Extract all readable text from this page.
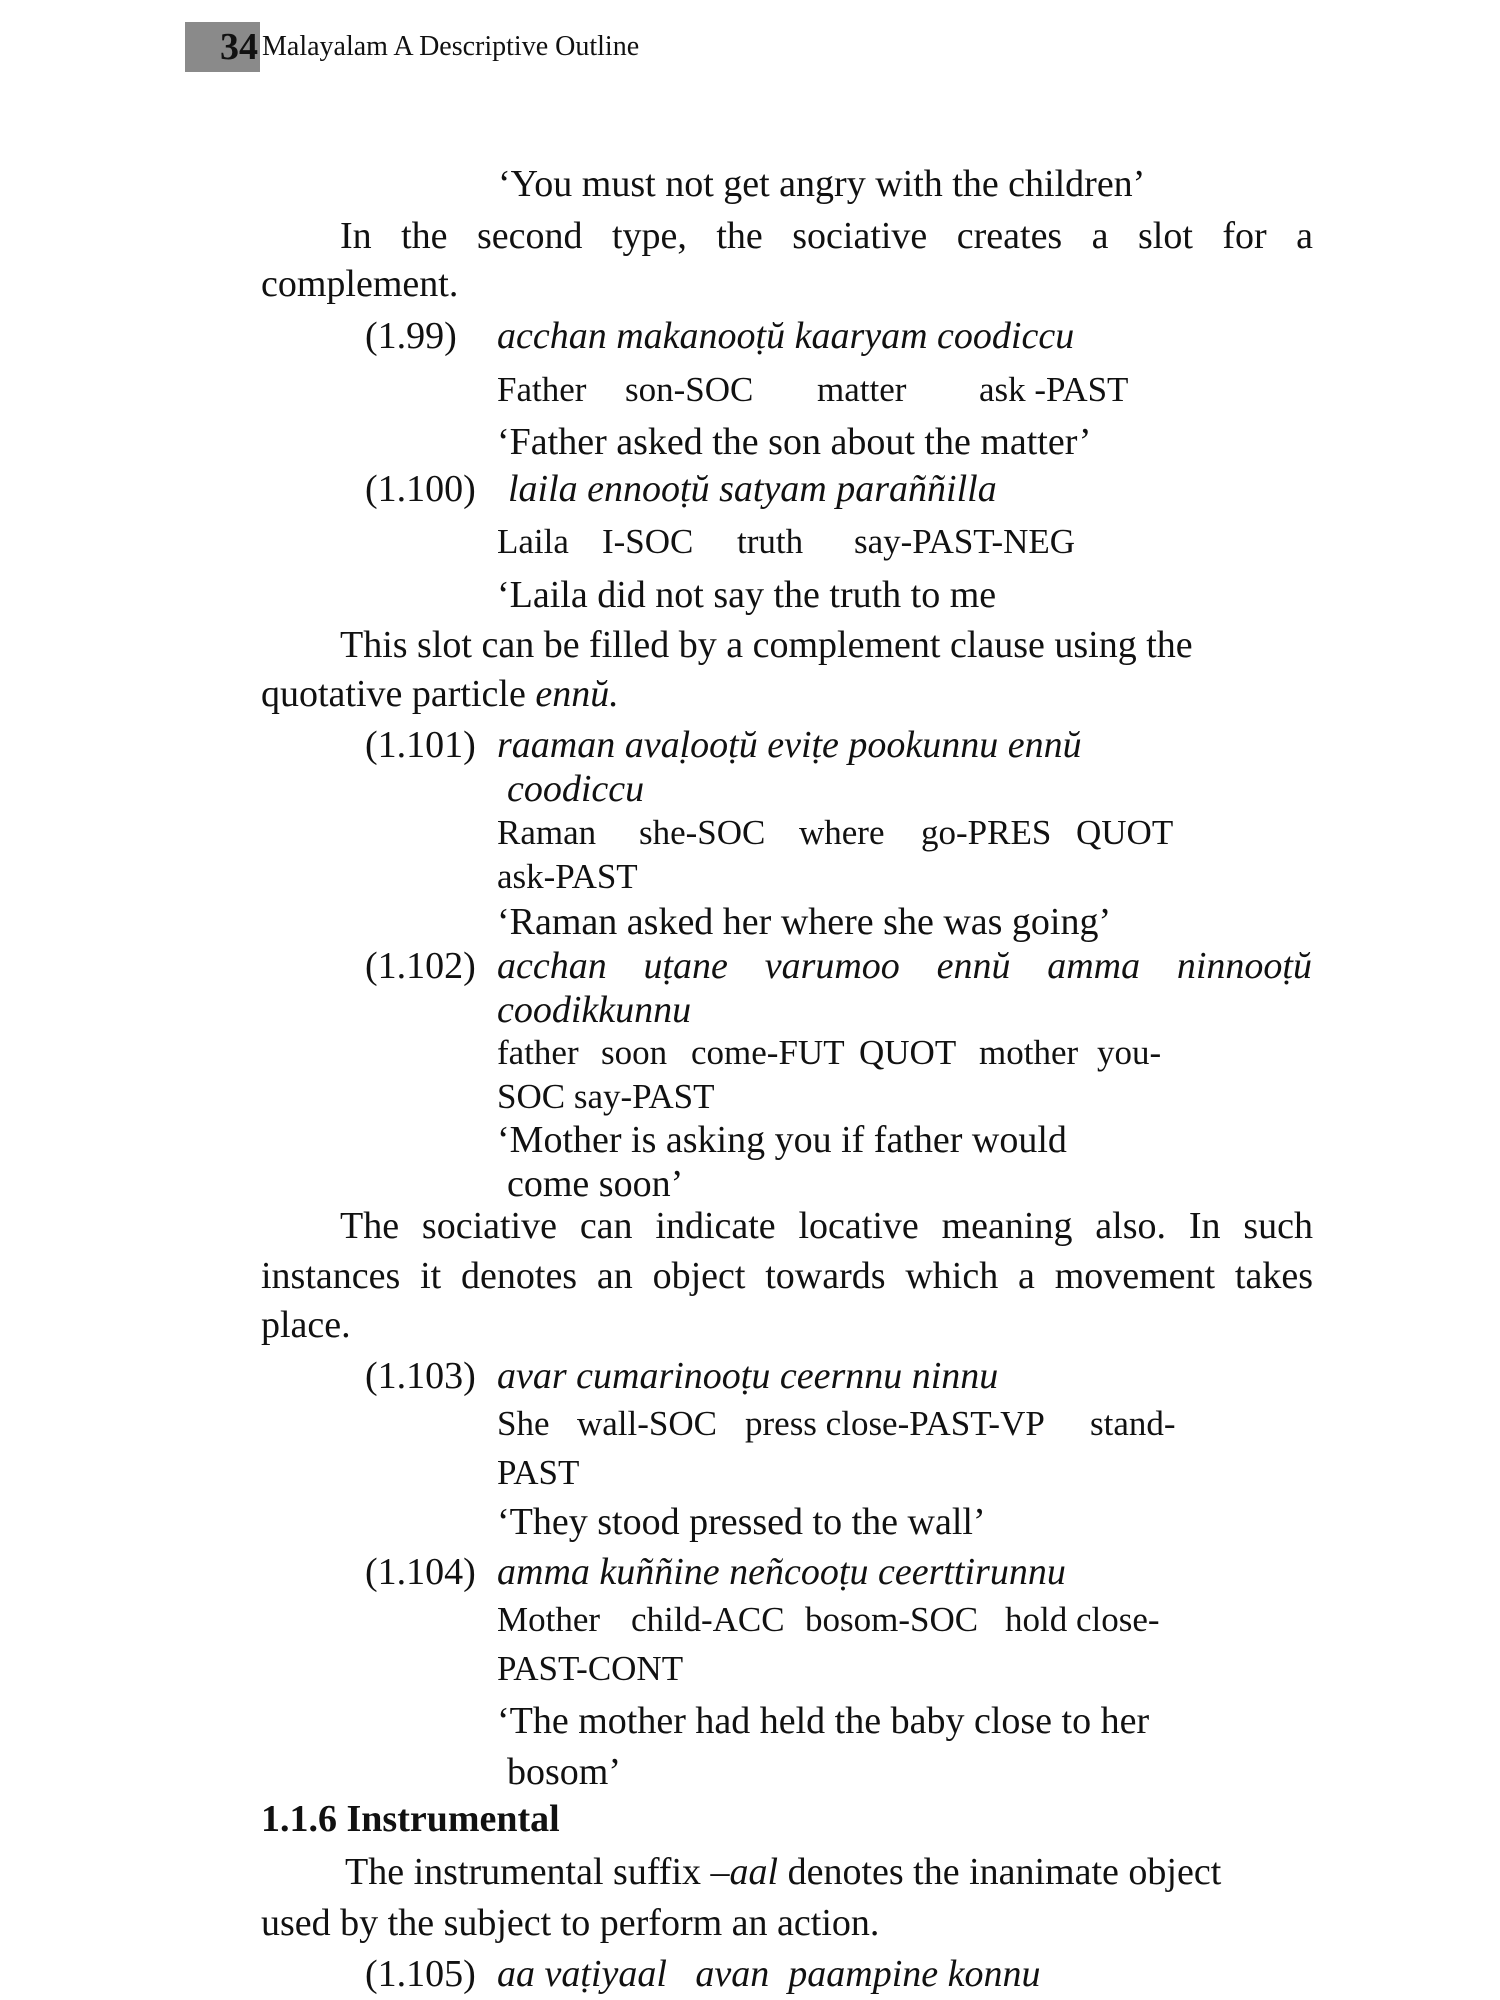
34 Malayalam A Descriptive Outline
‘You must not get angry with the children’
In the second type, the sociative creates a slot for a
complement.
(1.99) acchan makanooṭŭ kaaryam coodiccu
Father son-SOC matter ask -PAST
‘Father asked the son about the matter’
(1.100) laila ennooṭŭ satyam paraññilla
Laila I-SOC truth say-PAST-NEG
‘Laila did not say the truth to me
This slot can be filled by a complement clause using the
quotative particle ennŭ.
(1.101) raaman avaḷooṭŭ eviṭe pookunnu ennŭ
coodiccu
Raman she-SOC where go-PRES QUOT
ask-PAST
‘Raman asked her where she was going’
(1.102) acchan uṭane varumoo ennŭ amma ninnooṭŭ
coodikkunnu
father soon come-FUT QUOT mother you-
SOC say-PAST
‘Mother is asking you if father would
come soon’
The sociative can indicate locative meaning also. In such
instances it denotes an object towards which a movement takes
place.
(1.103) avar cumarinooṭu ceernnu ninnu
She wall-SOC press close-PAST-VP stand-
PAST
‘They stood pressed to the wall’
(1.104) amma kuññine neñcooṭu ceerttirunnu
Mother child-ACC bosom-SOC hold close-
PAST-CONT
‘The mother had held the baby close to her
bosom’
1.1.6 Instrumental
The instrumental suffix –aal denotes the inanimate object
used by the subject to perform an action.
(1.105) aa vaṭiyaal   avan  paampine konnu
